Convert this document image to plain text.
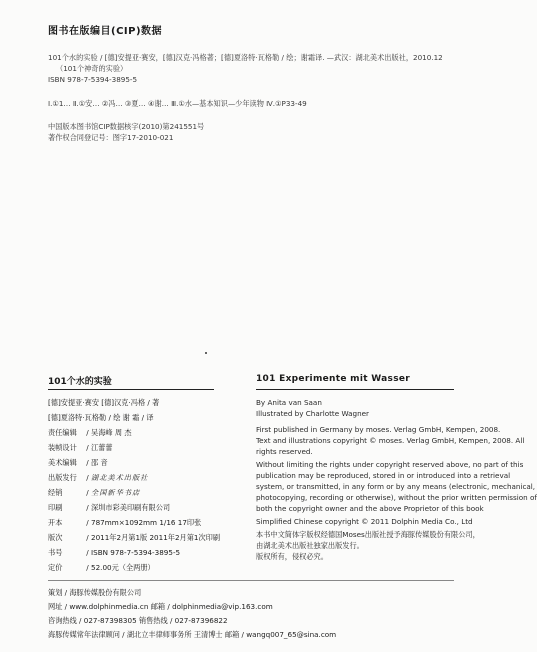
图书在版编目(CIP)数据
101个水的实验 / [德]安提亚·赛安，[德]汉克·冯格著；[德]夏洛特·瓦格勒 / 绘；谢霜译. —武汉：湖北美术出版社，2010.12
（101个神奇的实验）
ISBN 978-7-5394-3895-5
Ⅰ.①1… Ⅱ.①安… ②冯… ③夏… ④谢… Ⅲ.①水—基本知识—少年读物 Ⅳ.①P33-49
中国版本图书馆CIP数据核字(2010)第241551号
著作权合同登记号：图字17-2010-021
101个水的实验	101 Experimente mit Wasser
[德]安提亚·赛安 [德]汉克·冯格 / 著
[德]夏洛特·瓦格勒 / 绘 谢 霜 / 译
责任编辑 / 吴海峰 周 杰
装帧设计 / 江蕾蕾
美术编辑 / 邵 音
出版发行 / 湖北美术出版社
经销	/ 全国新华书店
印刷	/ 深圳市彩美印刷有限公司
开本	/ 787mm×1092mm 1/16 17印张
版次	/ 2011年2月第1版 2011年2月第1次印刷
书号	/ ISBN 978-7-5394-3895-5
定价	/ 52.00元（全两册）
By Anita van Saan
Illustrated by Charlotte Wagner
First published in Germany by moses. Verlag GmbH, Kempen, 2008.
Text and illustrations copyright © moses. Verlag GmbH, Kempen, 2008. All
rights reserved.
Without limiting the rights under copyright reserved above, no part of this
publication may be reproduced, stored in or introduced into a retrieval
system, or transmitted, in any form or by any means (electronic, mechanical,
photocopying, recording or otherwise), without the prior written permission of
both the copyright owner and the above Proprietor of this book
Simplified Chinese copyright © 2011 Dolphin Media Co., Ltd
本书中文简体字版权经德国Moses出版社授予海豚传媒股份有限公司，
由湖北美术出版社独家出版发行。
版权所有，侵权必究。
策划 / 海豚传媒股份有限公司
网址 / www.dolphinmedia.cn 邮箱 / dolphinmedia@vip.163.com
咨询热线 / 027-87398305 销售热线 / 027-87396822
海豚传媒常年法律顾问 / 湖北立丰律师事务所 王清博士 邮箱 / wangq007_65@sina.com
